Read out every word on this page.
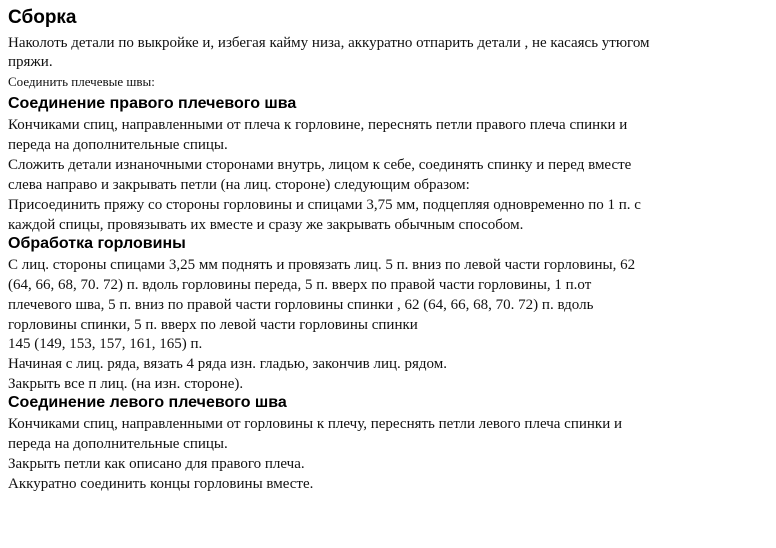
Сборка
Наколоть детали по выкройке и, избегая кайму низа, аккуратно отпарить детали , не касаясь утюгом
пряжи.
Соединить плечевые швы:
Соединение правого плечевого шва
Кончиками спиц, направленными от плеча к горловине, переснять петли правого плеча спинки и
переда на дополнительные спицы.
Сложить детали изнаночными сторонами внутрь, лицом к себе, соединять спинку и перед вместе
слева направо и закрывать петли (на лиц. стороне) следующим образом:
Присоединить пряжу со стороны горловины и спицами 3,75 мм, подцепляя одновременно по 1 п. с
каждой спицы, провязывать их вместе и сразу же закрывать обычным способом.
Обработка горловины
С лиц. стороны спицами 3,25 мм поднять и провязать лиц. 5 п. вниз по левой части горловины, 62
(64, 66, 68, 70. 72) п. вдоль горловины переда, 5 п. вверх по правой части горловины, 1 п.от
плечевого шва, 5 п. вниз по правой части горловины спинки , 62 (64, 66, 68, 70. 72) п. вдоль
горловины спинки, 5 п. вверх по левой части горловины спинки
145 (149, 153, 157, 161, 165) п.
Начиная с лиц. ряда, вязать 4 ряда изн. гладью, закончив лиц. рядом.
Закрыть все п лиц. (на изн. стороне).
Соединение левого плечевого шва
Кончиками спиц, направленными от горловины к плечу, переснять петли левого плеча спинки и
переда на дополнительные спицы.
Закрыть петли как описано для правого плеча.
Аккуратно соединить концы горловины вместе.
